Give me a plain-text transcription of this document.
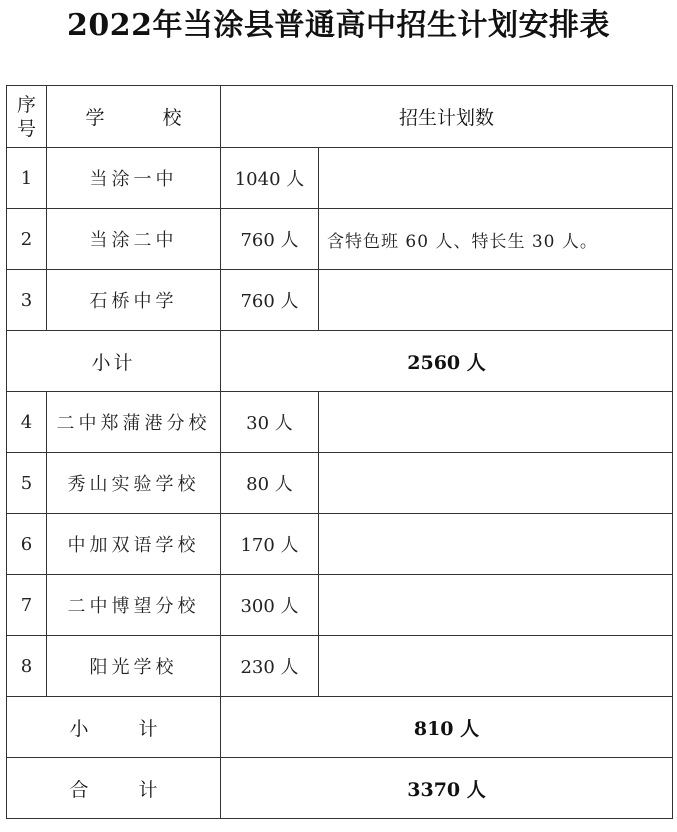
2022年当涂县普通高中招生计划安排表
序号	学 校	招生计划数	
1	当涂一中	1040 人	
2	当涂二中	760 人	含特色班 60 人、特长生 30 人。
3	石桥中学	760 人	
小计		2560 人	
4	二中郑蒲港分校	30 人	
5	秀山实验学校	80 人	
6	中加双语学校	170 人	
7	二中博望分校	300 人	
8	阳光学校	230 人	
小 计		810 人	
合 计		3370 人	
